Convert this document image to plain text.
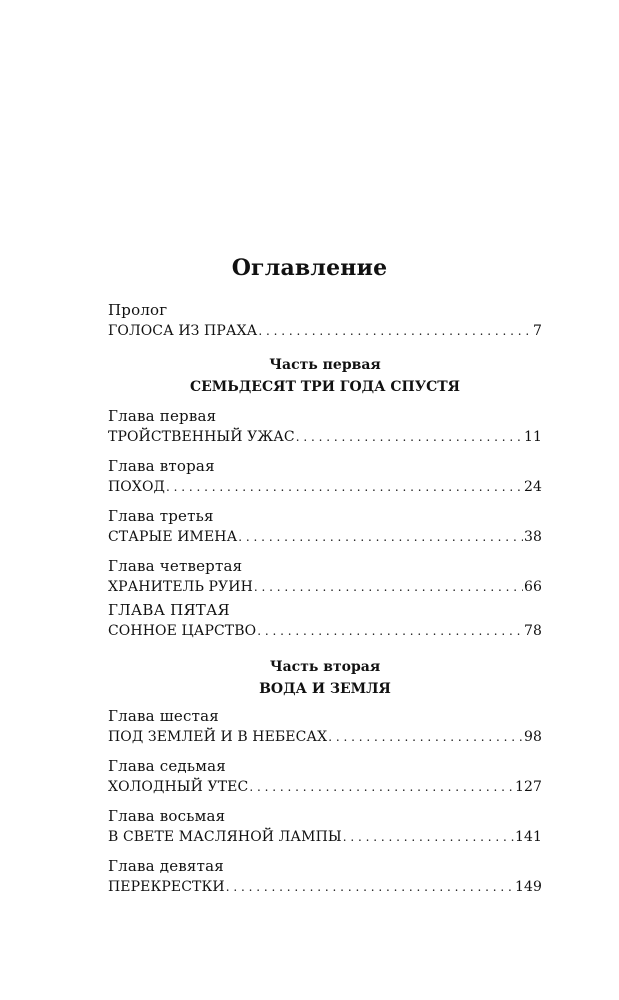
Оглавление
Пролог
ГОЛОСА ИЗ ПРАХА . . .	7
Часть первая
СЕМЬДЕСЯТ ТРИ ГОДА СПУСТЯ
Глава первая
ТРОЙСТВЕННЫЙ УЖАС . . .	11
Глава вторая
ПОХОД . . .	24
Глава третья
СТАРЫЕ ИМЕНА . . .	38
Глава четвертая
ХРАНИТЕЛЬ РУИН . . .	66
ГЛАВА ПЯТАЯ
СОННОЕ ЦАРСТВО . . .	78
Часть вторая
ВОДА И ЗЕМЛЯ
Глава шестая
ПОД ЗЕМЛЕЙ И В НЕБЕСАХ . . .	98
Глава седьмая
ХОЛОДНЫЙ УТЕС . . .	127
Глава восьмая
В СВЕТЕ МАСЛЯНОЙ ЛАМПЫ . . .	141
Глава девятая
ПЕРЕКРЕСТКИ . . .	149
